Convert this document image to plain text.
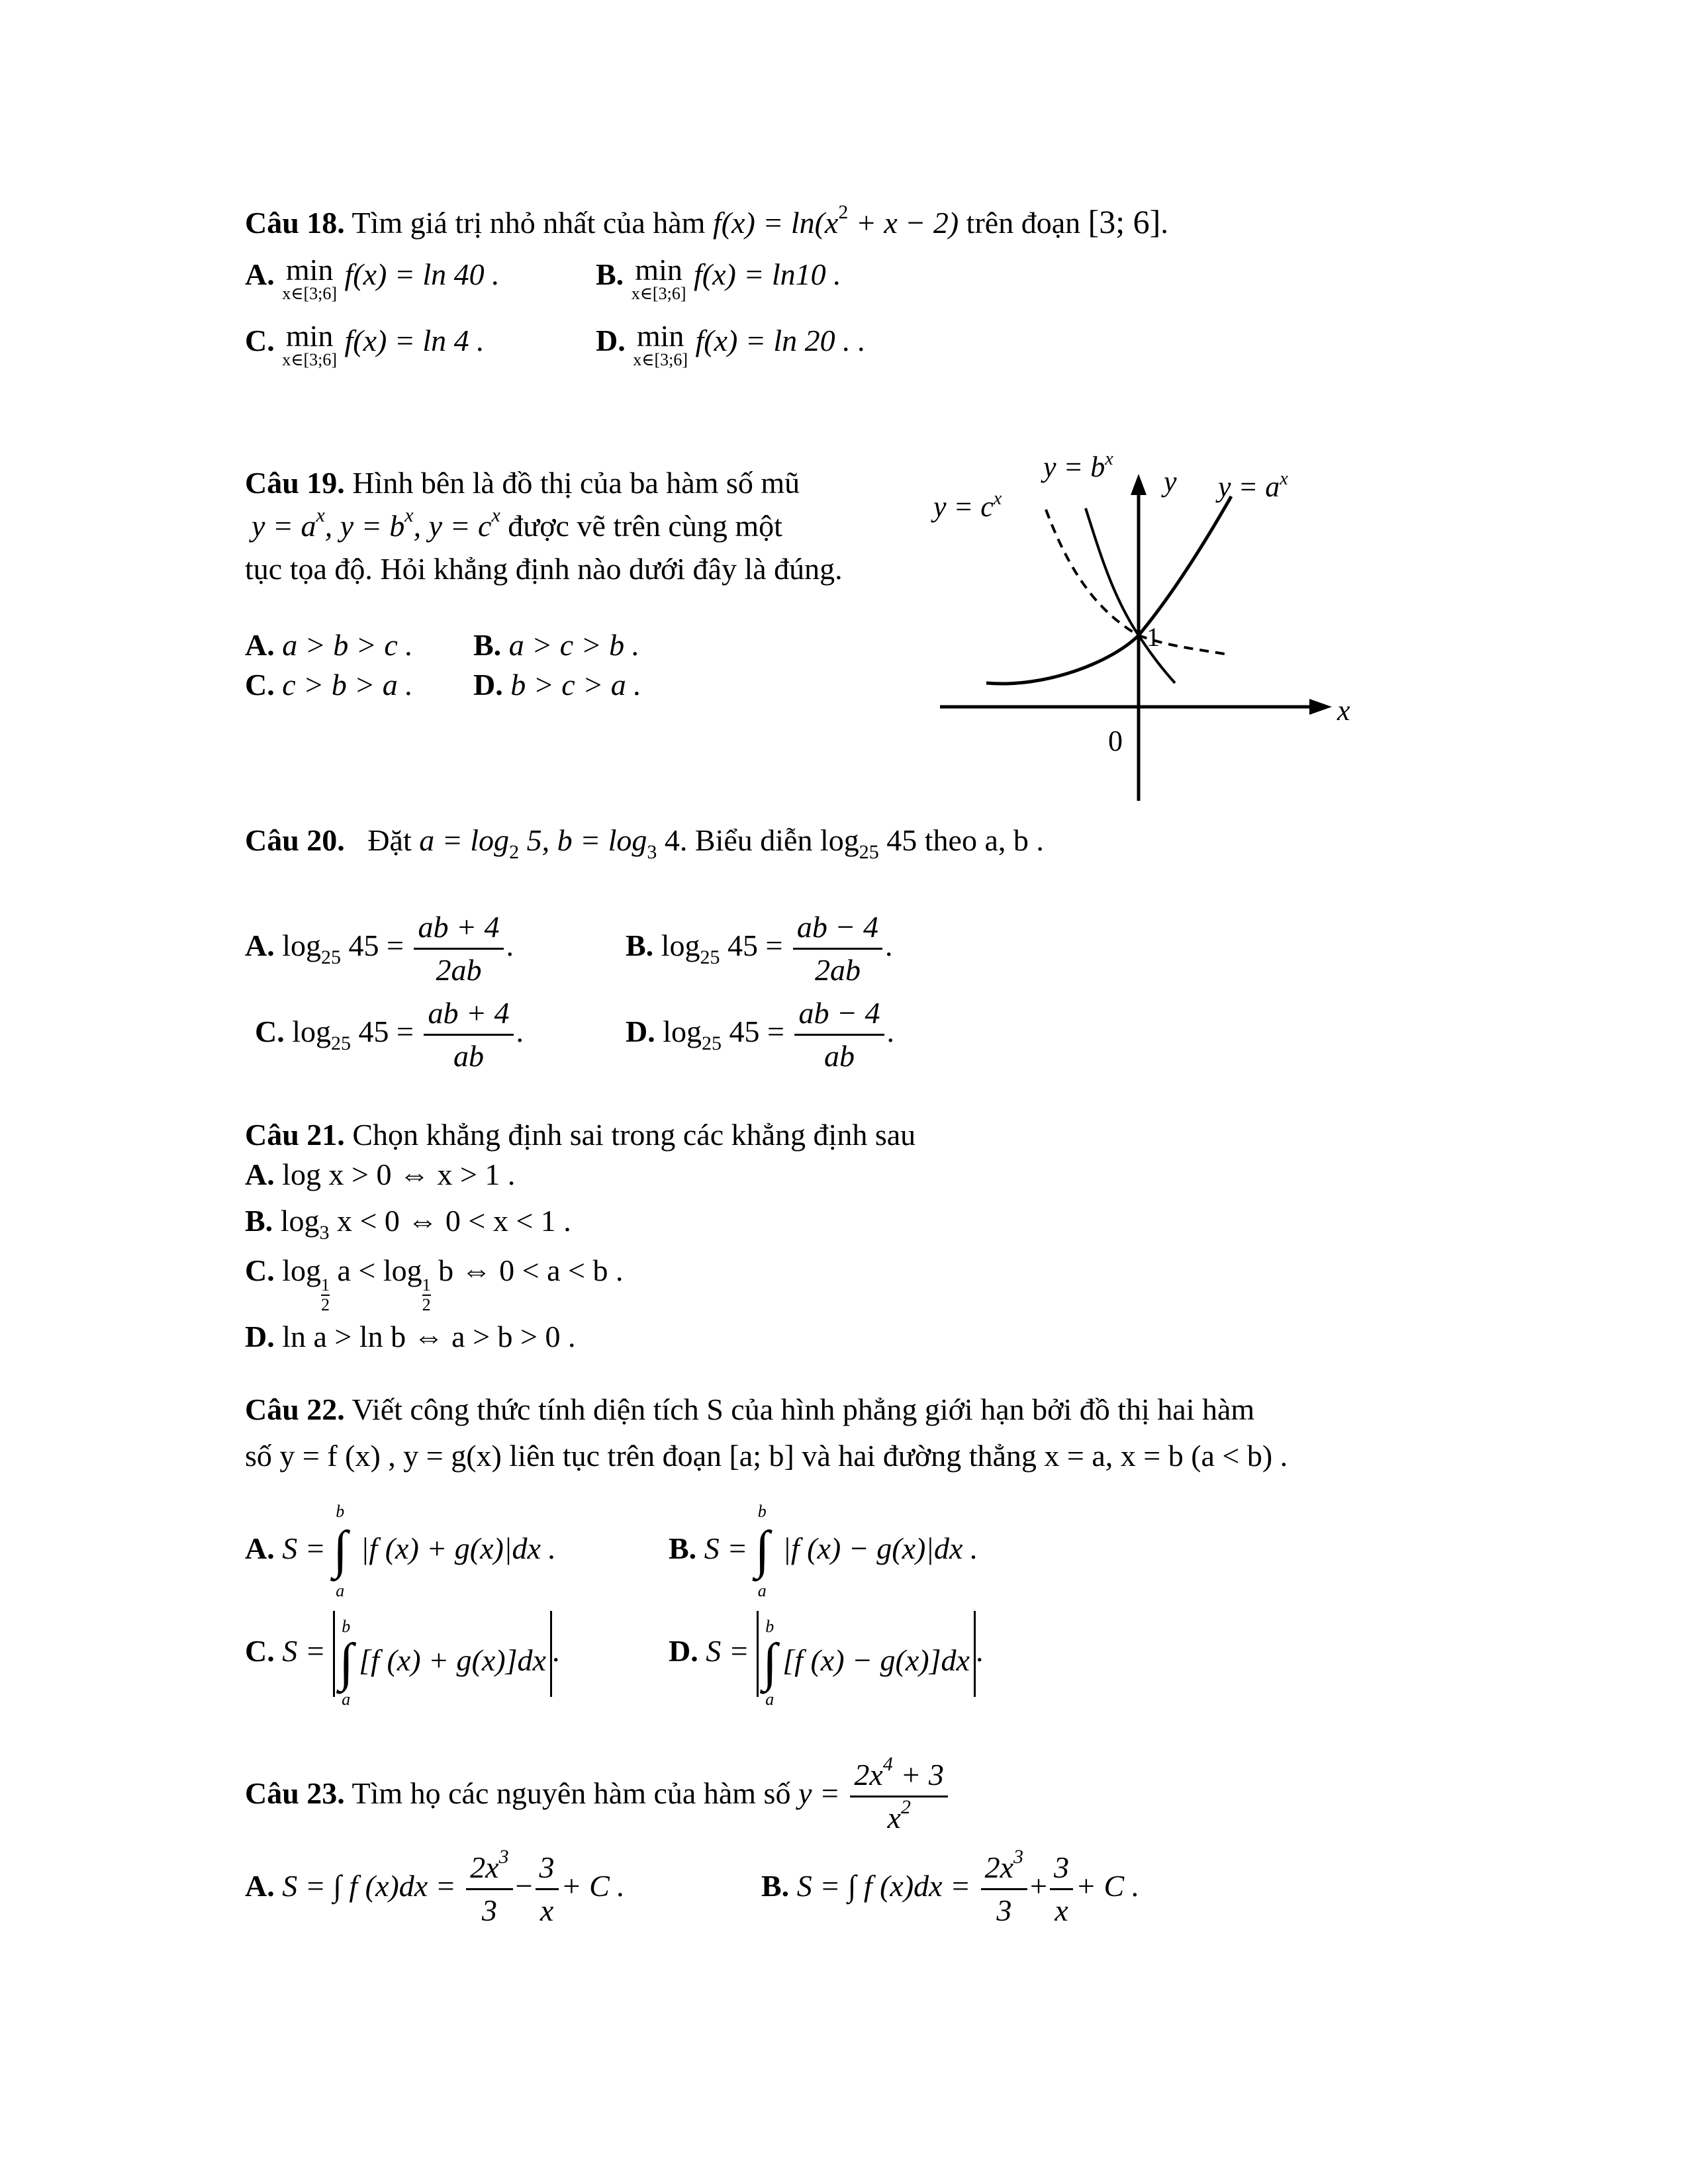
Câu 18. Tìm giá trị nhỏ nhất của hàm $f(x) = \ln(x^2 + x - 2)$ trên đoạn [3; 6].
A. min
x∈[3;6]
f(x) = ln 40 .	B. min
x∈[3;6]
f(x) = ln10 .
C. min
x∈[3;6]
f(x) = ln 4 .	D. min
x∈[3;6]
f(x) = ln 20 . .
Câu 19. Hình bên là đồ thị của ba hàm số mũ
$y = a^x$, $y = b^x$, $y = c^x$ được vẽ trên cùng một
tục tọa độ. Hỏi khẳng định nào dưới đây là đúng.
A. a > b > c . B. a > c > b .
C. c > b > a . D. b > c > a .
$y = b^x$
$y = c^x$	$y = a^x$
y
x
0
1
Câu 20. Đặt $a = \log_2 5$, $b = \log_3 4$. Biểu diễn $\log_{25} 45$ theo a, b .
A. $\log_{25} 45 = \frac{ab + 4}{2ab}$ .	B. $\log_{25} 45 = \frac{ab - 4}{2ab}$ .
C. $\log_{25} 45 = \frac{ab + 4}{ab}$ .	D. $\log_{25} 45 = \frac{ab - 4}{ab}$ .
Câu 21. Chọn khẳng định sai trong các khẳng định sau
A. log x > 0 ⇔ x > 1 .
B. $\log_3 x < 0$ ⇔ 0 < x < 1 .
C. log
$\frac{1}{2}$
a < log
$\frac{1}{2}$
b ⇔ 0 < a < b .
D. ln a > ln b ⇔ a > b > 0 .
Câu 22. Viết công thức tính diện tích S của hình phẳng giới hạn bởi đồ thị hai hàm
số y = f (x) , y = g(x) liên tục trên đoạn [a; b] và hai đường thẳng x = a, x = b (a < b) .
A. S =
b
∫
a
|f (x) + g(x)|dx .	B. S =
b
∫
a
|f (x) − g(x)|dx .
C. S =
b
∫
a
[f (x) + g(x)]dx .	D. S =
b
∫
a
[f (x) − g(x)]dx .
Câu 23. Tìm họ các nguyên hàm của hàm số $y = \frac{2x^4 + 3}{x^2}$
A. S = ∫ f $(x)dx = \frac{2x^3}{3} - \frac{3}{x} + C$ .	B. S = ∫ f $(x)dx = \frac{2x^3}{3} + \frac{3}{x} + C$ .
